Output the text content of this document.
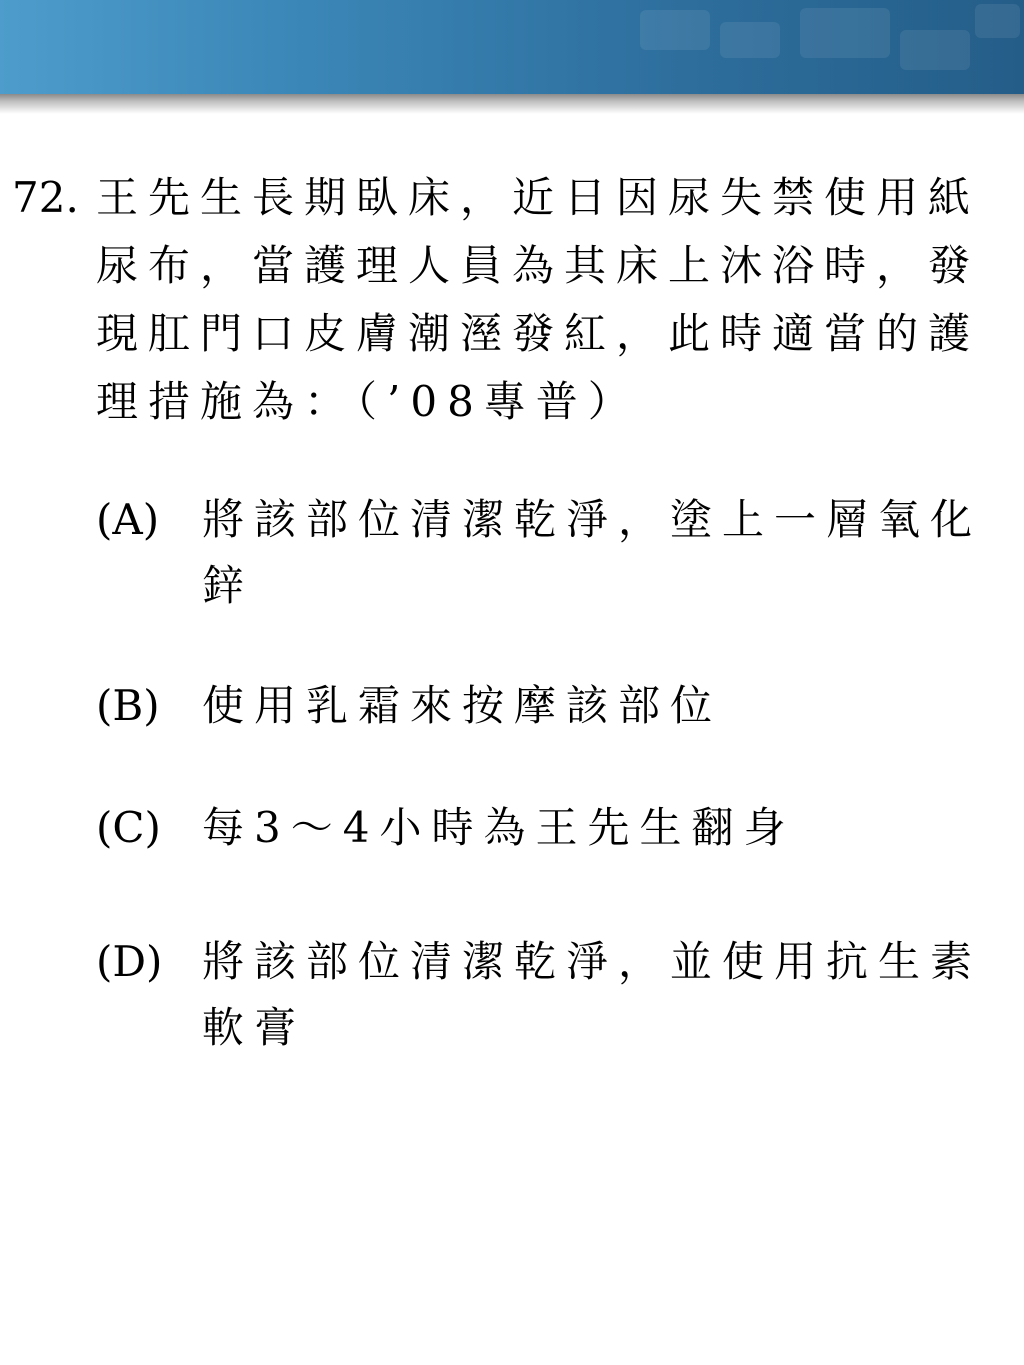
72. 王先生長期臥床，近日因尿失禁使用紙
尿布，當護理人員為其床上沐浴時，發
現肛門口皮膚潮溼發紅，此時適當的護
理措施為：（’08專普）
(A) 將該部位清潔乾淨，塗上一層氧化
鋅
(B) 使用乳霜來按摩該部位
(C) 每3～4小時為王先生翻身
(D) 將該部位清潔乾淨，並使用抗生素
軟膏
